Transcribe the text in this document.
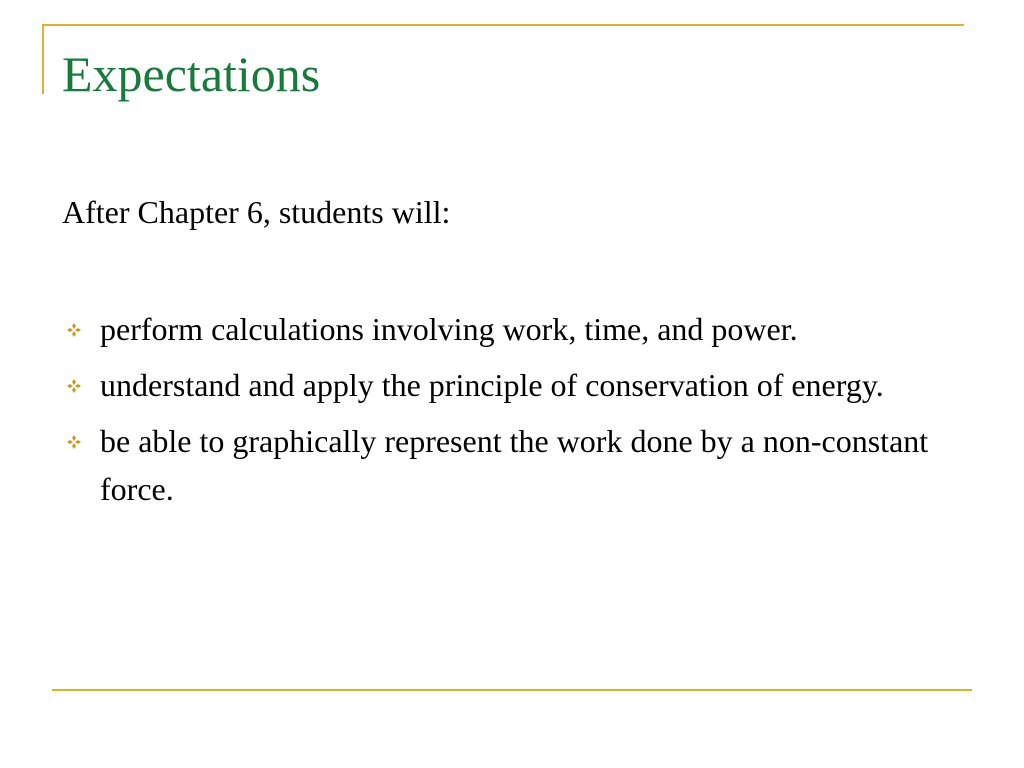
Expectations

After Chapter 6, students will:

perform calculations involving work, time, and power.
understand and apply the principle of conservation of energy.
be able to graphically represent the work done by a non-constant force.
